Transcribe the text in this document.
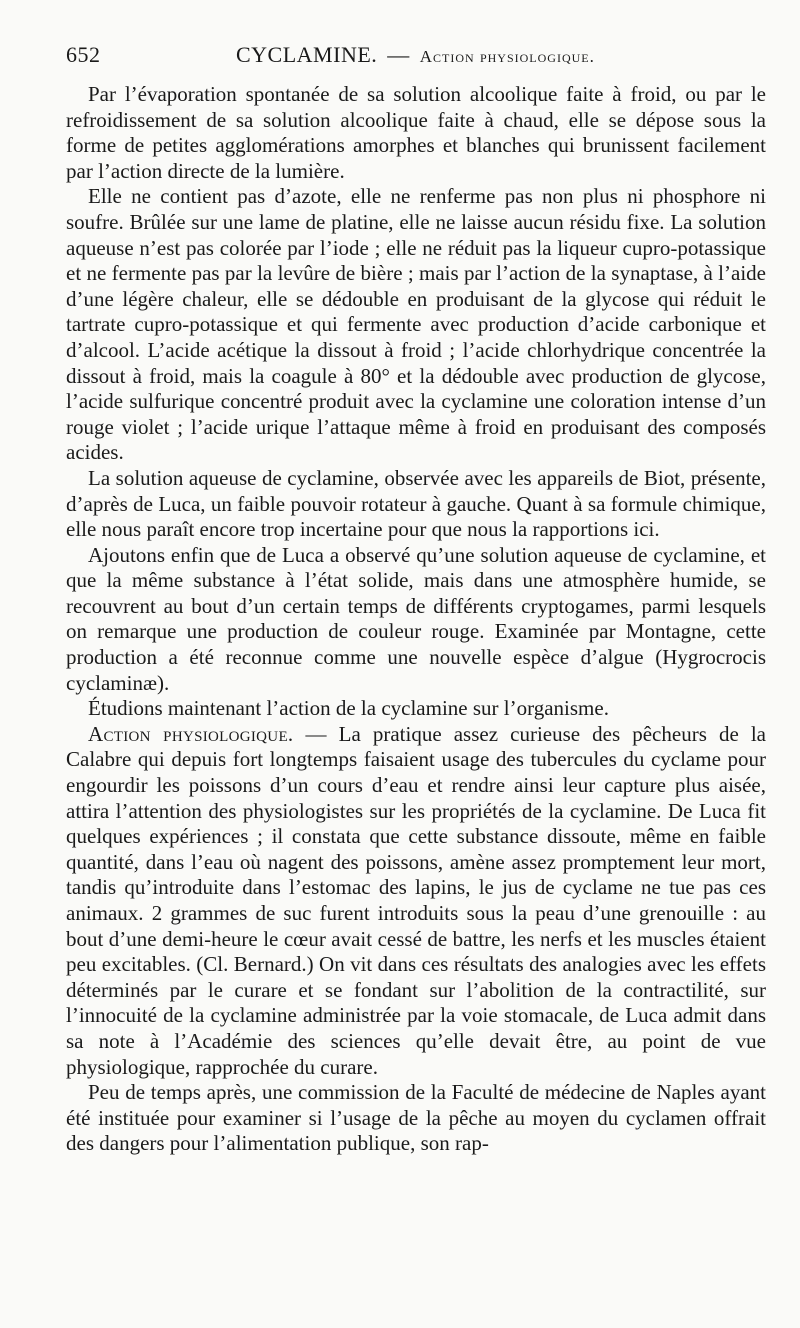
652	CYCLAMINE. — Action physiologique.

Par l’évaporation spontanée de sa solution alcoolique faite à froid, ou par le refroidissement de sa solution alcoolique faite à chaud, elle se dépose sous la forme de petites agglomérations amorphes et blanches qui brunissent facilement par l’action directe de la lumière.

Elle ne contient pas d’azote, elle ne renferme pas non plus ni phosphore ni soufre. Brûlée sur une lame de platine, elle ne laisse aucun résidu fixe. La solution aqueuse n’est pas colorée par l’iode ; elle ne réduit pas la liqueur cupro-potassique et ne fermente pas par la levûre de bière ; mais par l’action de la synaptase, à l’aide d’une légère chaleur, elle se dédouble en produisant de la glycose qui réduit le tartrate cupro-potassique et qui fermente avec production d’acide carbonique et d’alcool. L’acide acétique la dissout à froid ; l’acide chlorhydrique concentrée la dissout à froid, mais la coagule à 80° et la dédouble avec production de glycose, l’acide sulfurique concentré produit avec la cyclamine une coloration intense d’un rouge violet ; l’acide urique l’attaque même à froid en produisant des composés acides.

La solution aqueuse de cyclamine, observée avec les appareils de Biot, présente, d’après de Luca, un faible pouvoir rotateur à gauche. Quant à sa formule chimique, elle nous paraît encore trop incertaine pour que nous la rapportions ici.

Ajoutons enfin que de Luca a observé qu’une solution aqueuse de cyclamine, et que la même substance à l’état solide, mais dans une atmosphère humide, se recouvrent au bout d’un certain temps de différents cryptogames, parmi lesquels on remarque une production de couleur rouge. Examinée par Montagne, cette production a été reconnue comme une nouvelle espèce d’algue (Hygrocrocis cyclaminæ).

Étudions maintenant l’action de la cyclamine sur l’organisme.

Action physiologique. — La pratique assez curieuse des pêcheurs de la Calabre qui depuis fort longtemps faisaient usage des tubercules du cyclame pour engourdir les poissons d’un cours d’eau et rendre ainsi leur capture plus aisée, attira l’attention des physiologistes sur les propriétés de la cyclamine. De Luca fit quelques expériences ; il constata que cette substance dissoute, même en faible quantité, dans l’eau où nagent des poissons, amène assez promptement leur mort, tandis qu’introduite dans l’estomac des lapins, le jus de cyclame ne tue pas ces animaux. 2 grammes de suc furent introduits sous la peau d’une grenouille : au bout d’une demi-heure le cœur avait cessé de battre, les nerfs et les muscles étaient peu excitables. (Cl. Bernard.) On vit dans ces résultats des analogies avec les effets déterminés par le curare et se fondant sur l’abolition de la contractilité, sur l’innocuité de la cyclamine administrée par la voie stomacale, de Luca admit dans sa note à l’Académie des sciences qu’elle devait être, au point de vue physiologique, rapprochée du curare.

Peu de temps après, une commission de la Faculté de médecine de Naples ayant été instituée pour examiner si l’usage de la pêche au moyen du cyclamen offrait des dangers pour l’alimentation publique, son rap-
